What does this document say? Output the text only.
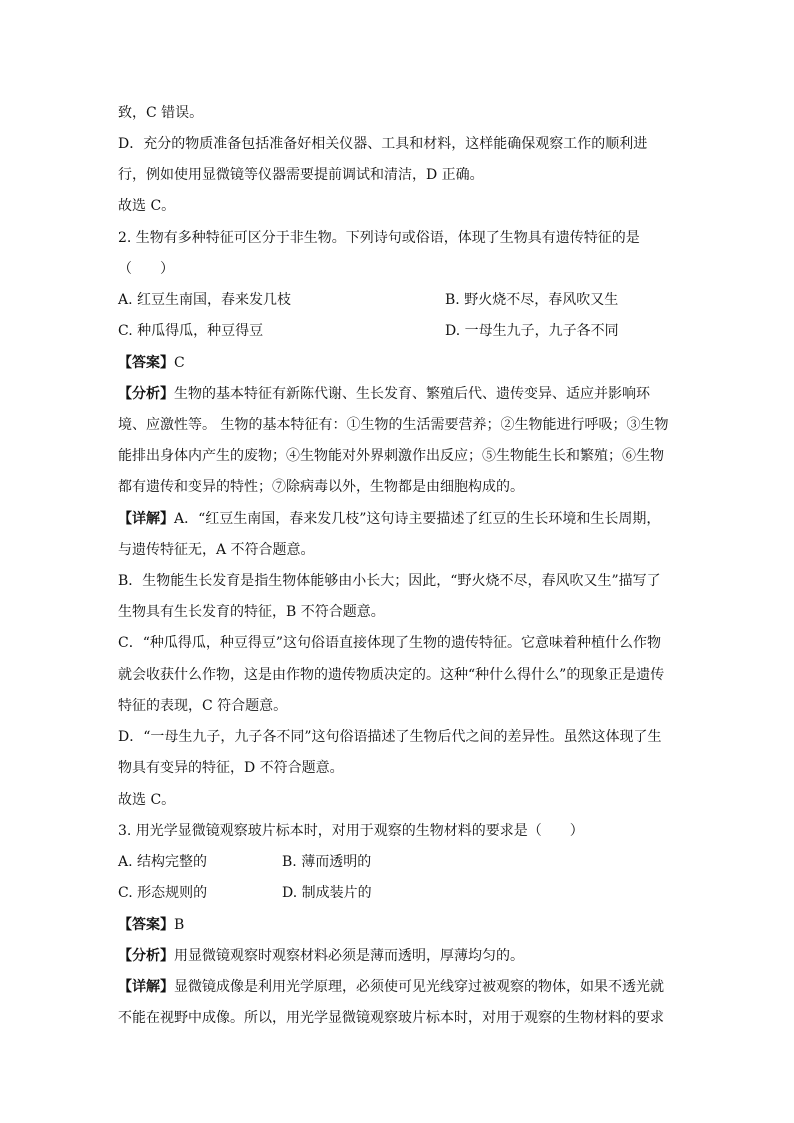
致，C 错误。
D．充分的物质准备包括准备好相关仪器、工具和材料，这样能确保观察工作的顺利进
行，例如使用显微镜等仪器需要提前调试和清洁，D 正确。
故选 C。
2. 生物有多种特征可区分于非生物。下列诗句或俗语，体现了生物具有遗传特征的是
（　　）
A. 红豆生南国，春来发几枝	B. 野火烧不尽，春风吹又生
C. 种瓜得瓜，种豆得豆	D. 一母生九子，九子各不同
【答案】C
【分析】生物的基本特征有新陈代谢、生长发育、繁殖后代、遗传变异、适应并影响环
境、应激性等。 生物的基本特征有：①生物的生活需要营养；②生物能进行呼吸；③生物
能排出身体内产生的废物；④生物能对外界刺激作出反应；⑤生物能生长和繁殖；⑥生物
都有遗传和变异的特性；⑦除病毒以外，生物都是由细胞构成的。
【详解】A．“红豆生南国，春来发几枝”这句诗主要描述了红豆的生长环境和生长周期，
与遗传特征无，A 不符合题意。
B．生物能生长发育是指生物体能够由小长大；因此，“野火烧不尽，春风吹又生”描写了
生物具有生长发育的特征，B 不符合题意。
C．“种瓜得瓜，种豆得豆”这句俗语直接体现了生物的遗传特征。它意味着种植什么作物
就会收获什么作物，这是由作物的遗传物质决定的。这种“种什么得什么”的现象正是遗传
特征的表现，C 符合题意。
D．“一母生九子，九子各不同”这句俗语描述了生物后代之间的差异性。虽然这体现了生
物具有变异的特征，D 不符合题意。
故选 C。
3. 用光学显微镜观察玻片标本时，对用于观察的生物材料的要求是（　　）
A. 结构完整的	B. 薄而透明的
C. 形态规则的	D. 制成装片的
【答案】B
【分析】用显微镜观察时观察材料必须是薄而透明，厚薄均匀的。
【详解】显微镜成像是利用光学原理，必须使可见光线穿过被观察的物体，如果不透光就
不能在视野中成像。所以，用光学显微镜观察玻片标本时，对用于观察的生物材料的要求
